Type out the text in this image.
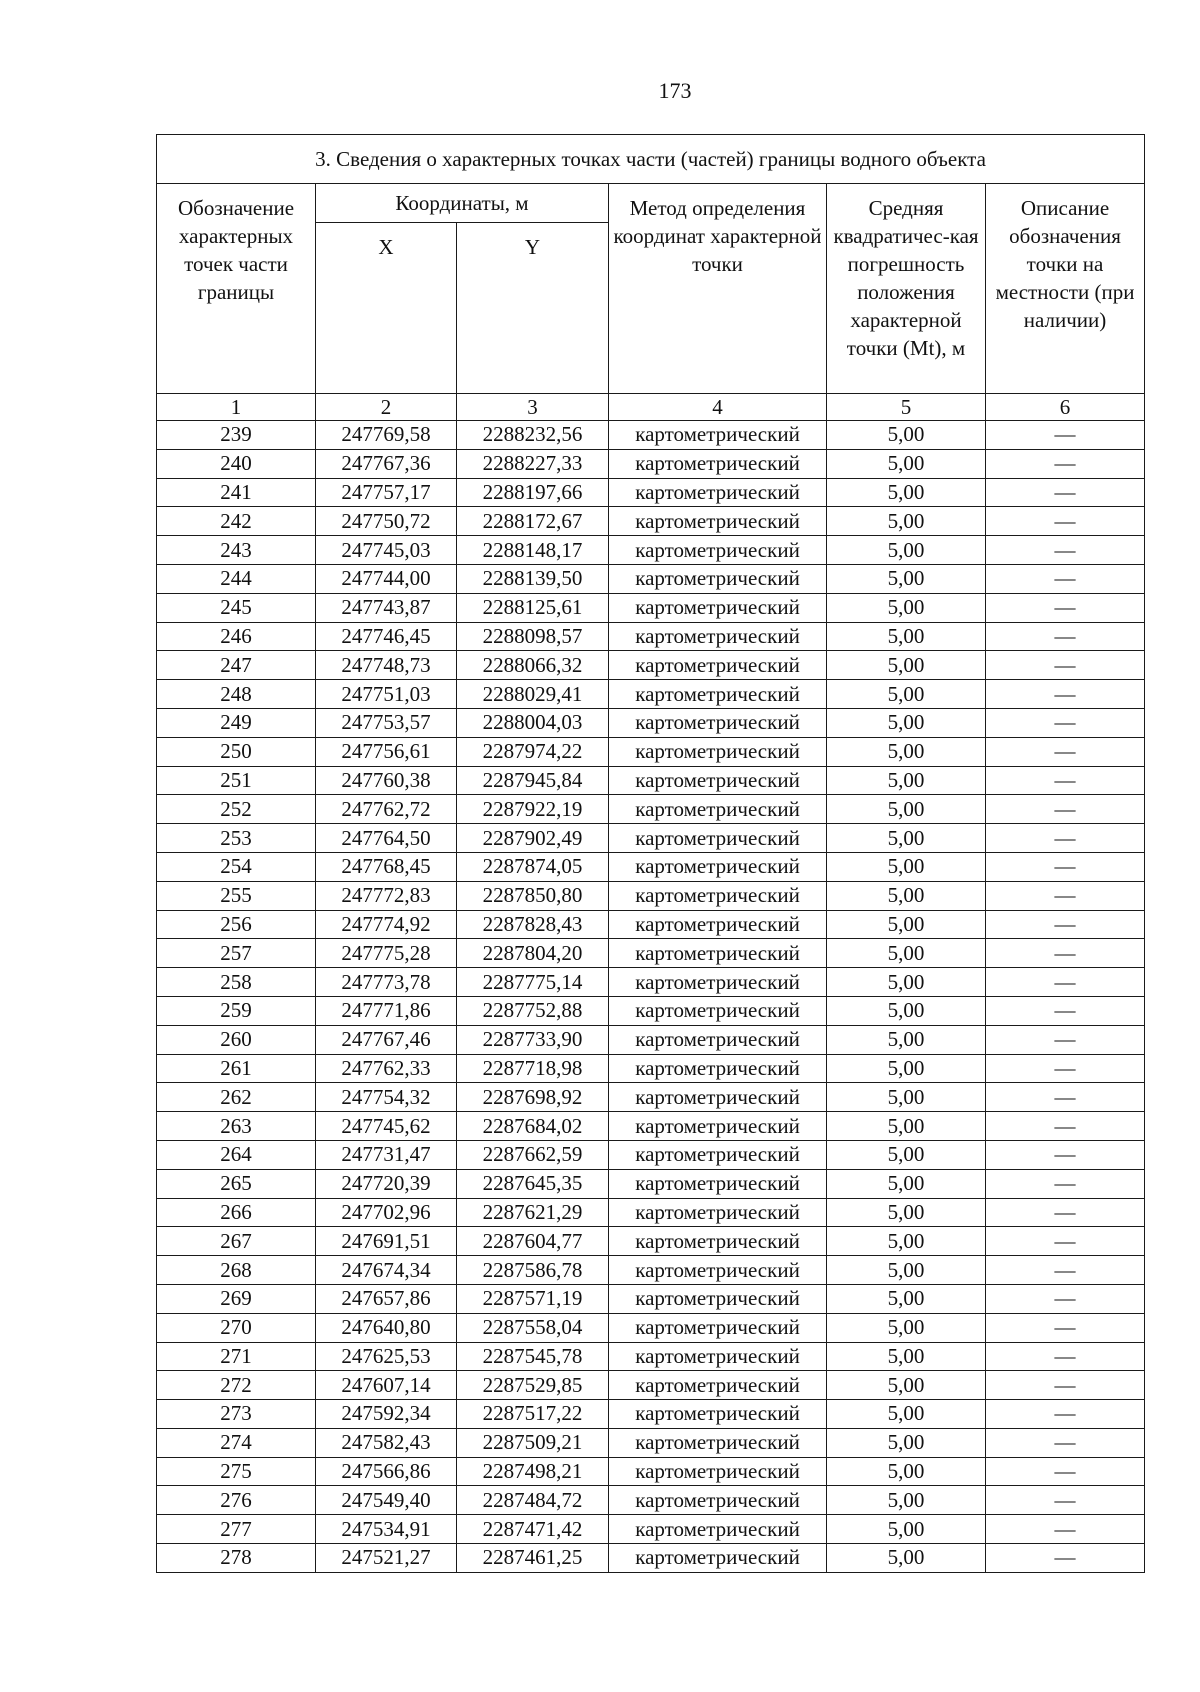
173
3. Сведения о характерных точках части (частей) границы водного объекта					
Обозначение характерных точек части границы	Координаты, м		Метод определения координат характерной точки	Средняя квадратичес-кая погрешность положения характерной точки (Mt), м	Описание обозначения точки на местности (при наличии)
	X	Y			
1	2	3	4	5	6
239	247769,58	2288232,56	картометрический	5,00	—
240	247767,36	2288227,33	картометрический	5,00	—
241	247757,17	2288197,66	картометрический	5,00	—
242	247750,72	2288172,67	картометрический	5,00	—
243	247745,03	2288148,17	картометрический	5,00	—
244	247744,00	2288139,50	картометрический	5,00	—
245	247743,87	2288125,61	картометрический	5,00	—
246	247746,45	2288098,57	картометрический	5,00	—
247	247748,73	2288066,32	картометрический	5,00	—
248	247751,03	2288029,41	картометрический	5,00	—
249	247753,57	2288004,03	картометрический	5,00	—
250	247756,61	2287974,22	картометрический	5,00	—
251	247760,38	2287945,84	картометрический	5,00	—
252	247762,72	2287922,19	картометрический	5,00	—
253	247764,50	2287902,49	картометрический	5,00	—
254	247768,45	2287874,05	картометрический	5,00	—
255	247772,83	2287850,80	картометрический	5,00	—
256	247774,92	2287828,43	картометрический	5,00	—
257	247775,28	2287804,20	картометрический	5,00	—
258	247773,78	2287775,14	картометрический	5,00	—
259	247771,86	2287752,88	картометрический	5,00	—
260	247767,46	2287733,90	картометрический	5,00	—
261	247762,33	2287718,98	картометрический	5,00	—
262	247754,32	2287698,92	картометрический	5,00	—
263	247745,62	2287684,02	картометрический	5,00	—
264	247731,47	2287662,59	картометрический	5,00	—
265	247720,39	2287645,35	картометрический	5,00	—
266	247702,96	2287621,29	картометрический	5,00	—
267	247691,51	2287604,77	картометрический	5,00	—
268	247674,34	2287586,78	картометрический	5,00	—
269	247657,86	2287571,19	картометрический	5,00	—
270	247640,80	2287558,04	картометрический	5,00	—
271	247625,53	2287545,78	картометрический	5,00	—
272	247607,14	2287529,85	картометрический	5,00	—
273	247592,34	2287517,22	картометрический	5,00	—
274	247582,43	2287509,21	картометрический	5,00	—
275	247566,86	2287498,21	картометрический	5,00	—
276	247549,40	2287484,72	картометрический	5,00	—
277	247534,91	2287471,42	картометрический	5,00	—
278	247521,27	2287461,25	картометрический	5,00	—
